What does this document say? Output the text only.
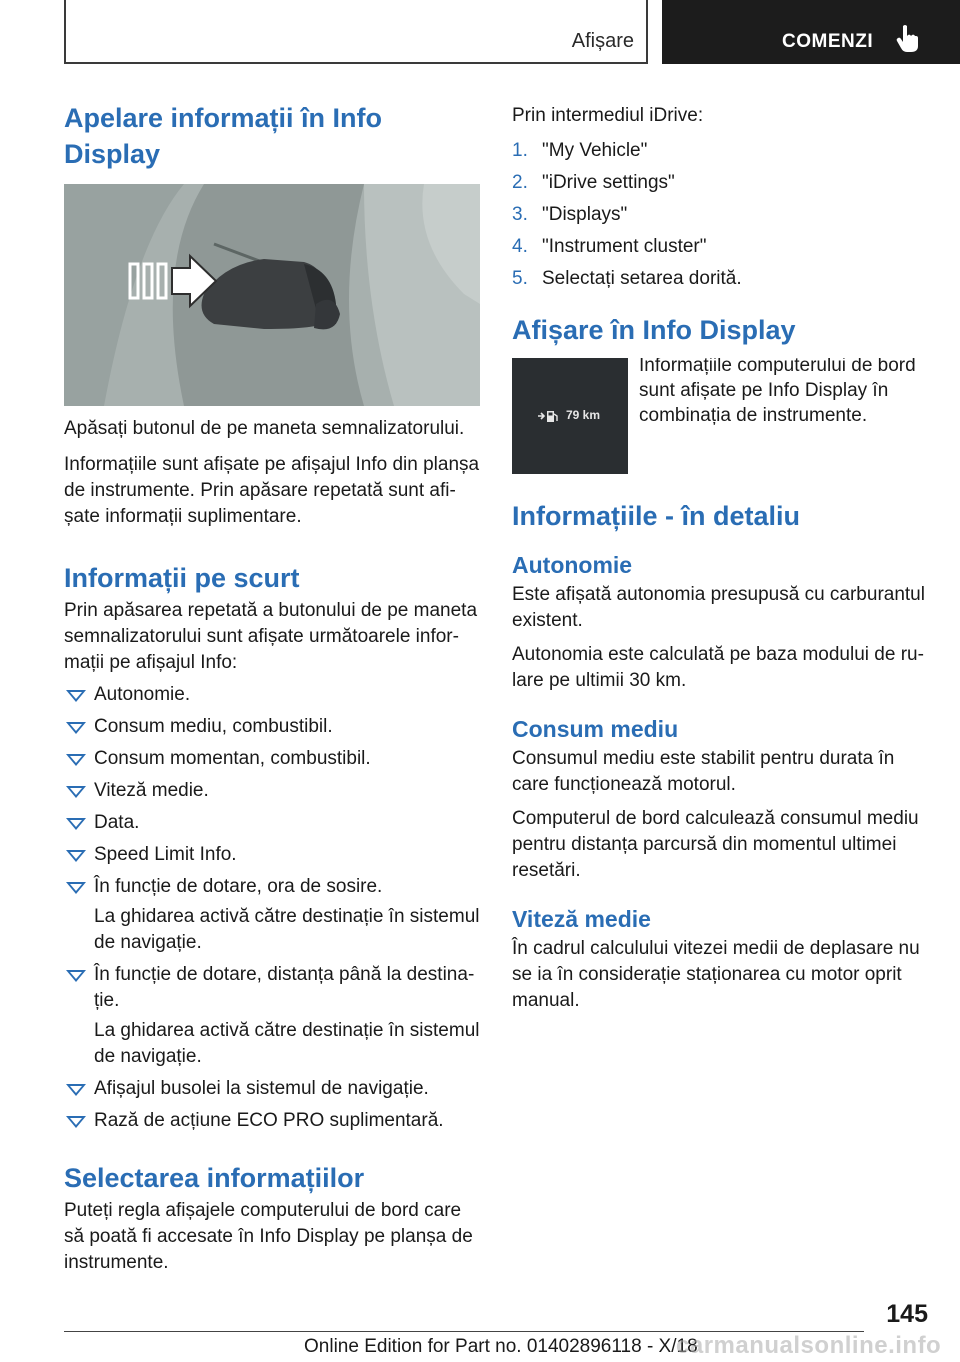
Afișare	COMENZI
Apelare informații în Info Display

Apăsați butonul de pe maneta semnalizatorului.

Informațiile sunt afișate pe afișajul Info din planșa de instrumente. Prin apăsare repetată sunt afișate informații suplimentare.

Informații pe scurt

Prin apăsarea repetată a butonului de pe maneta semnalizatorului sunt afișate următoarele informații pe afișajul Info:

Autonomie.
Consum mediu, combustibil.
Consum momentan, combustibil.
Viteză medie.
Data.
Speed Limit Info.
În funcție de dotare, ora de sosire.
La ghidarea activă către destinație în sistemul de navigație.
În funcție de dotare, distanța până la destinație.
La ghidarea activă către destinație în sistemul de navigație.
Afișajul busolei la sistemul de navigație.
Rază de acțiune ECO PRO suplimentară.
Selectarea informațiilor

Puteți regla afișajele computerului de bord care să poată fi accesate în Info Display pe planșa de instrumente.

Prin intermediul iDrive:

1. "My Vehicle"
2. "iDrive settings"
3. "Displays"
4. "Instrument cluster"
5. Selectați setarea dorită.
Afișare în Info Display
79 km

Informațiile computerului de bord sunt afișate pe Info Display în combinația de instrumente.

Informațiile - în detaliu
Autonomie

Este afișată autonomia presupusă cu carburantul existent.

Autonomia este calculată pe baza modului de rulare pe ultimii 30 km.

Consum mediu

Consumul mediu este stabilit pentru durata în care funcționează motorul.

Computerul de bord calculează consumul mediu pentru distanța parcursă din momentul ultimei resetări.

Viteză medie

În cadrul calculului vitezei medii de deplasare nu se ia în considerație staționarea cu motor oprit manual.

145
Online Edition for Part no. 01402896118 - X/18
carmanualsonline.info
